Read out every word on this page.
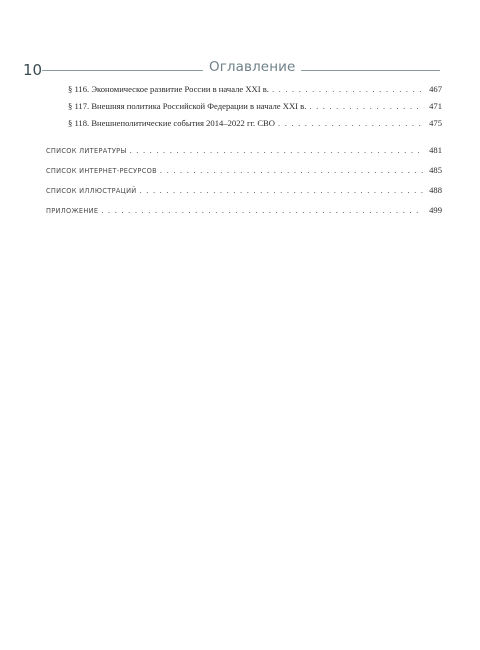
10	Оглавление
§ 116. Экономическое развитие России в начале XXI в. . . .	467
§ 117. Внешняя политика Российской Федерации в начале XXI в. . . .	471
§ 118. Внешнеполитические события 2014–2022 гг. СВО . . .	475
СПИСОК ЛИТЕРАТУРЫ . . .	481
СПИСОК ИНТЕРНЕТ-РЕСУРСОВ . . .	485
СПИСОК ИЛЛЮСТРАЦИЙ . . .	488
ПРИЛОЖЕНИЕ . . .	499
